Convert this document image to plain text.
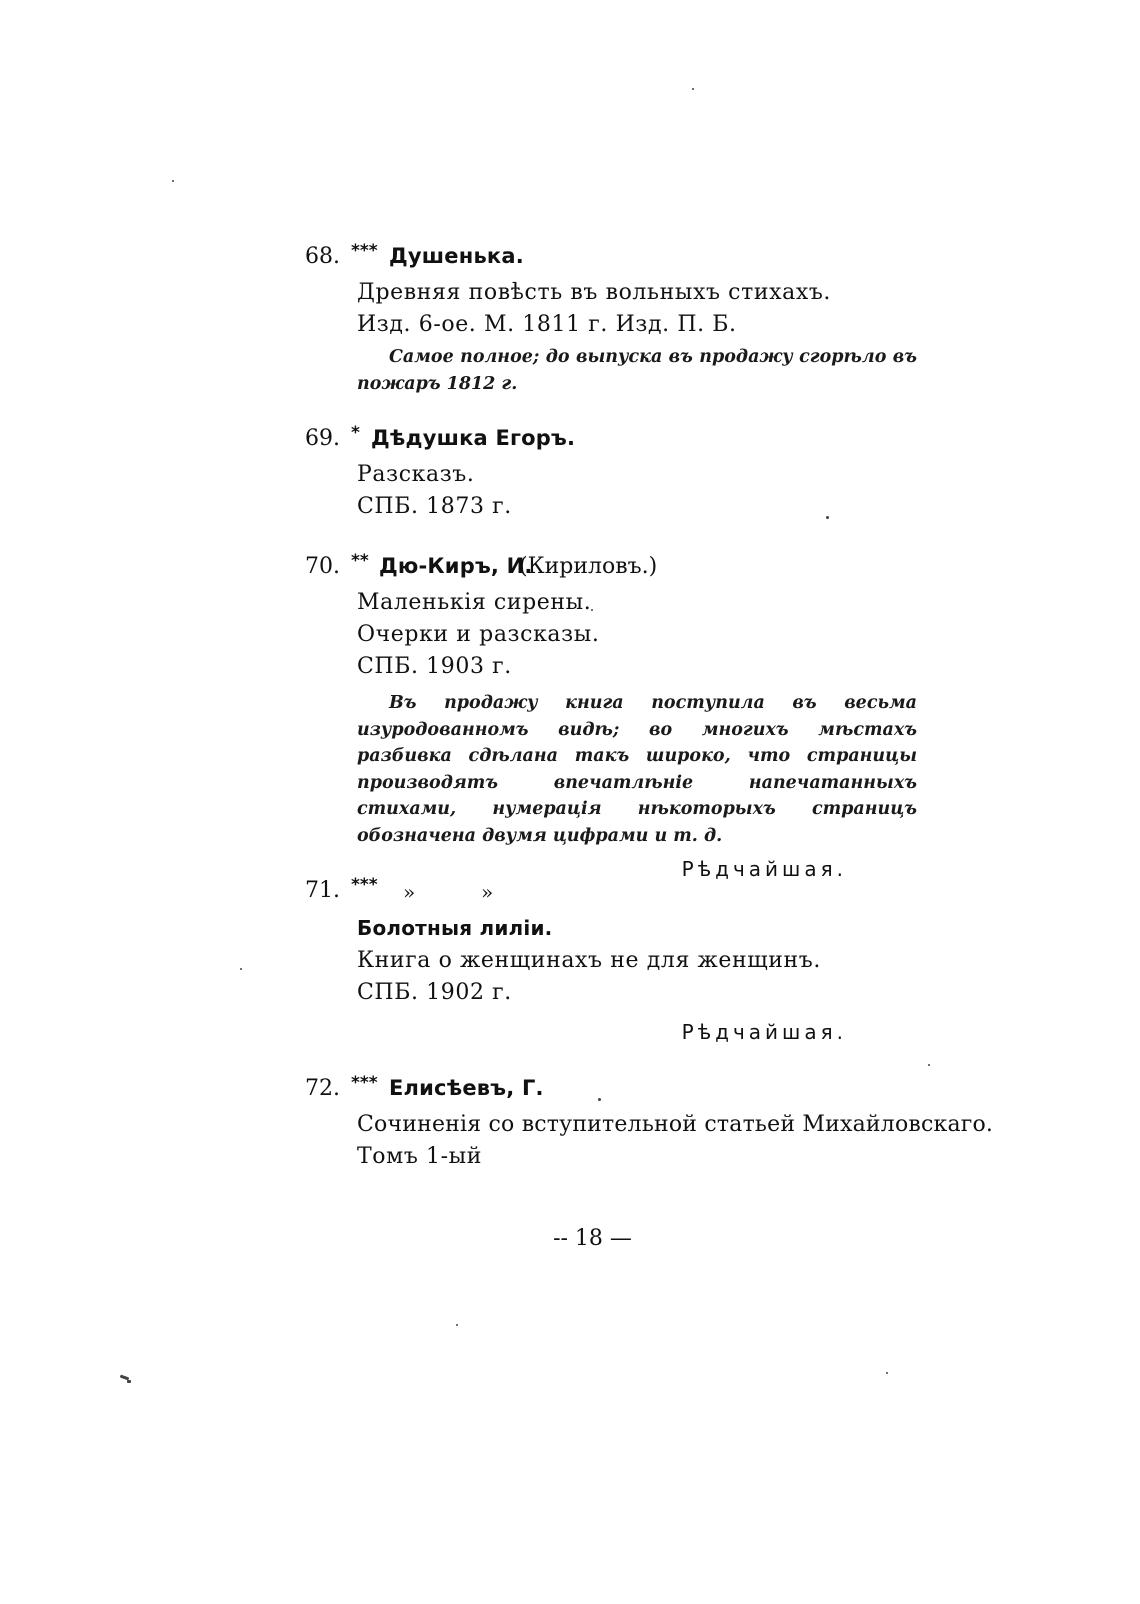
68. *** Душенька.
Древняя повѣсть въ вольныхъ стихахъ.
Изд. 6-ое. М. 1811 г. Изд. П. Б.
Самое полное; до выпуска въ продажу сгорѣло въ пожаръ 1812 г.
69. * Дѣдушка Егоръ.
Разсказъ.
СПБ. 1873 г.
70. ** Дю-Киръ, И.
(Кириловъ.)
Маленькія сирены.
Очерки и разсказы.
СПБ. 1903 г.
Въ продажу книга поступила въ весьма изуродованномъ видѣ; во многихъ мѣстахъ разбивка сдѣлана такъ широко, что страницы производятъ впечатлѣніе напечатанныхъ стихами, нумерація нѣкоторыхъ страницъ обозначена двумя цифрами и т. д.
Рѣдчайшая.
71. *** »	»
Болотныя лиліи.
Книга о женщинахъ не для женщинъ.
СПБ. 1902 г.
Рѣдчайшая.
72. *** Елисѣевъ, Г.
Сочиненія со вступительной статьей Михайловскаго.
Томъ 1-ый
-- 18 —
